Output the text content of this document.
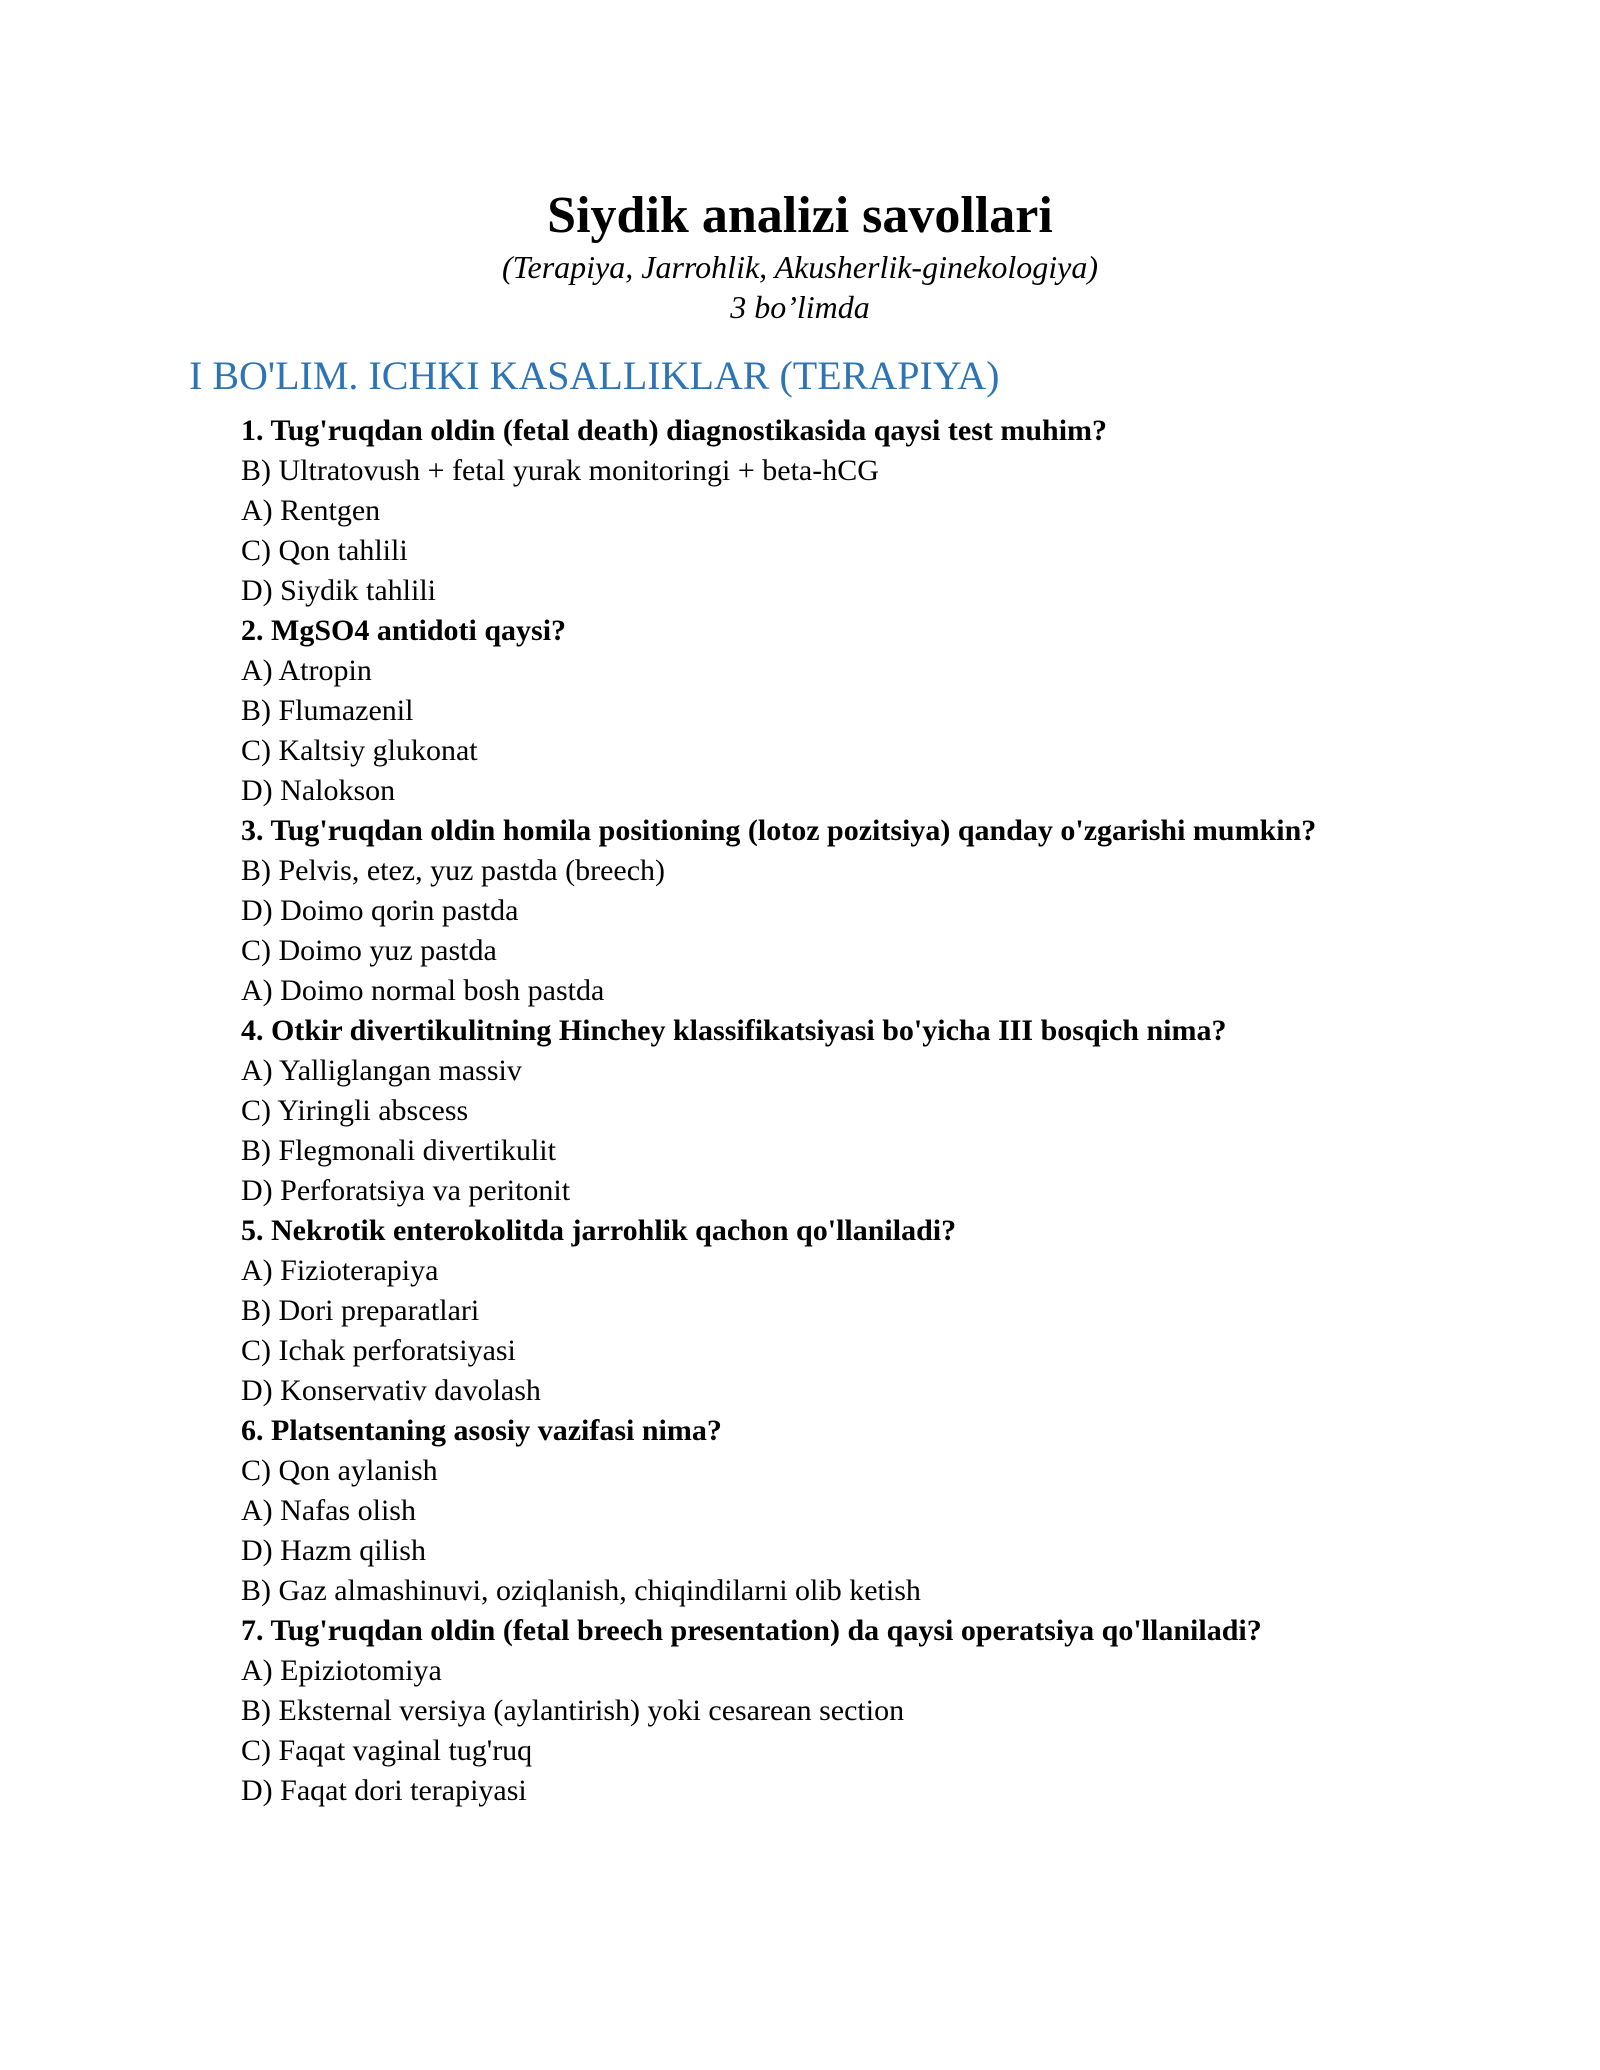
Siydik analizi savollari
(Terapiya, Jarrohlik, Akusherlik-ginekologiya)
3 bo’limda
I BO'LIM. ICHKI KASALLIKLAR (TERAPIYA)
1. Tug'ruqdan oldin (fetal death) diagnostikasida qaysi test muhim?
B) Ultratovush + fetal yurak monitoringi + beta-hCG
A) Rentgen
C) Qon tahlili
D) Siydik tahlili
2. MgSO4 antidoti qaysi?
A) Atropin
B) Flumazenil
C) Kaltsiy glukonat
D) Nalokson
3. Tug'ruqdan oldin homila positioning (lotoz pozitsiya) qanday o'zgarishi mumkin?
B) Pelvis, etez, yuz pastda (breech)
D) Doimo qorin pastda
C) Doimo yuz pastda
A) Doimo normal bosh pastda
4. Otkir divertikulitning Hinchey klassifikatsiyasi bo'yicha III bosqich nima?
A) Yalliglangan massiv
C) Yiringli abscess
B) Flegmonali divertikulit
D) Perforatsiya va peritonit
5. Nekrotik enterokolitda jarrohlik qachon qo'llaniladi?
A) Fizioterapiya
B) Dori preparatlari
C) Ichak perforatsiyasi
D) Konservativ davolash
6. Platsentaning asosiy vazifasi nima?
C) Qon aylanish
A) Nafas olish
D) Hazm qilish
B) Gaz almashinuvi, oziqlanish, chiqindilarni olib ketish
7. Tug'ruqdan oldin (fetal breech presentation) da qaysi operatsiya qo'llaniladi?
A) Epiziotomiya
B) Eksternal versiya (aylantirish) yoki cesarean section
C) Faqat vaginal tug'ruq
D) Faqat dori terapiyasi
